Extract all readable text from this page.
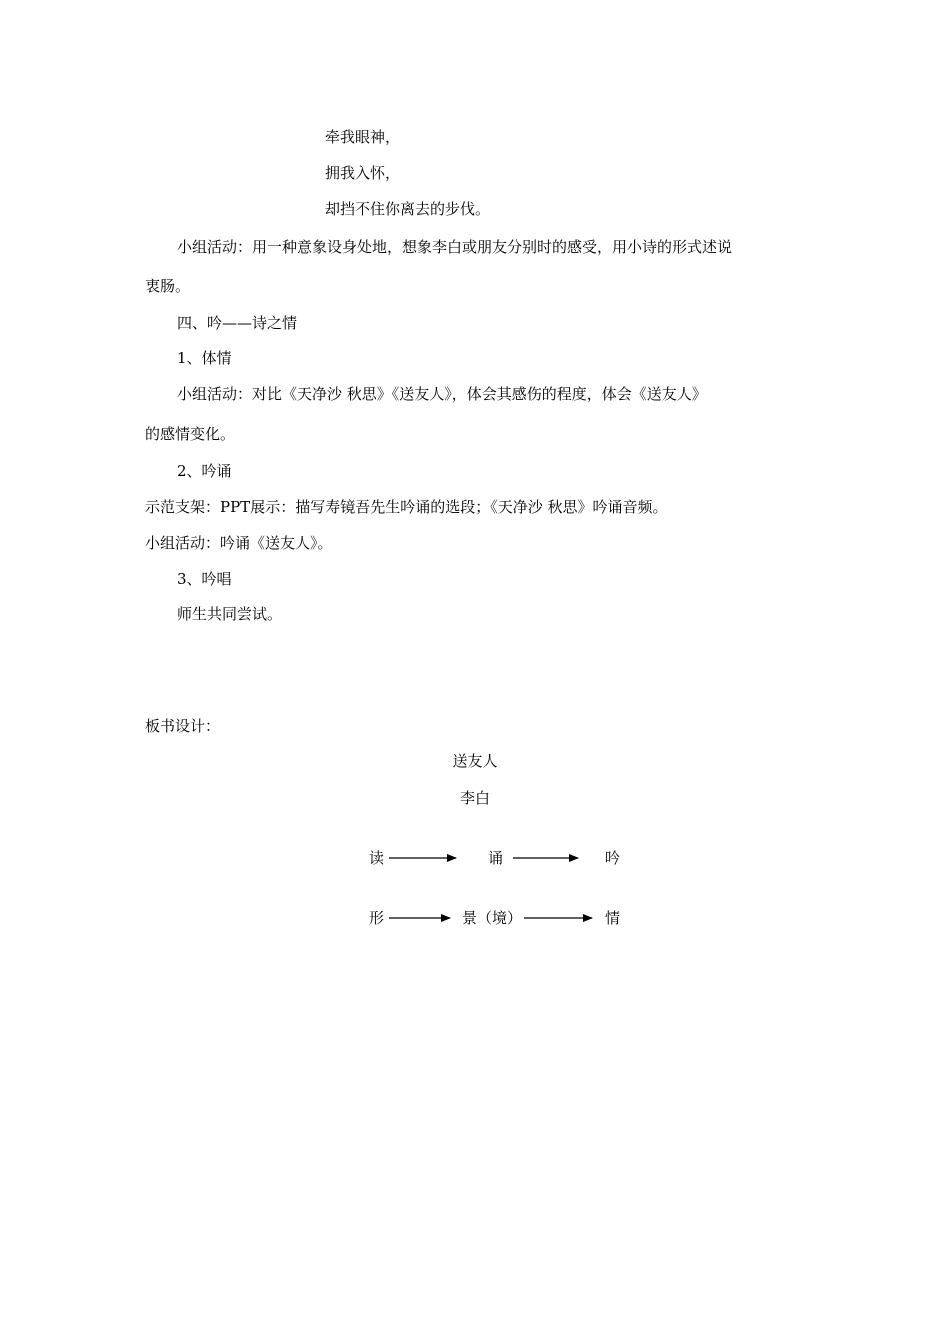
牵我眼神，
拥我入怀，
却挡不住你离去的步伐。
小组活动：用一种意象设身处地，想象李白或朋友分别时的感受，用小诗的形式述说
衷肠。
四、吟——诗之情
1、体情
小组活动：对比《天净沙 秋思》《送友人》，体会其感伤的程度，体会《送友人》
的感情变化。
2、吟诵
示范支架：PPT展示：描写寿镜吾先生吟诵的选段；《天净沙 秋思》吟诵音频。
小组活动：吟诵《送友人》。
3、吟唱
师生共同尝试。
板书设计：
送友人
李白
读	诵	吟
形	景（境）	情
